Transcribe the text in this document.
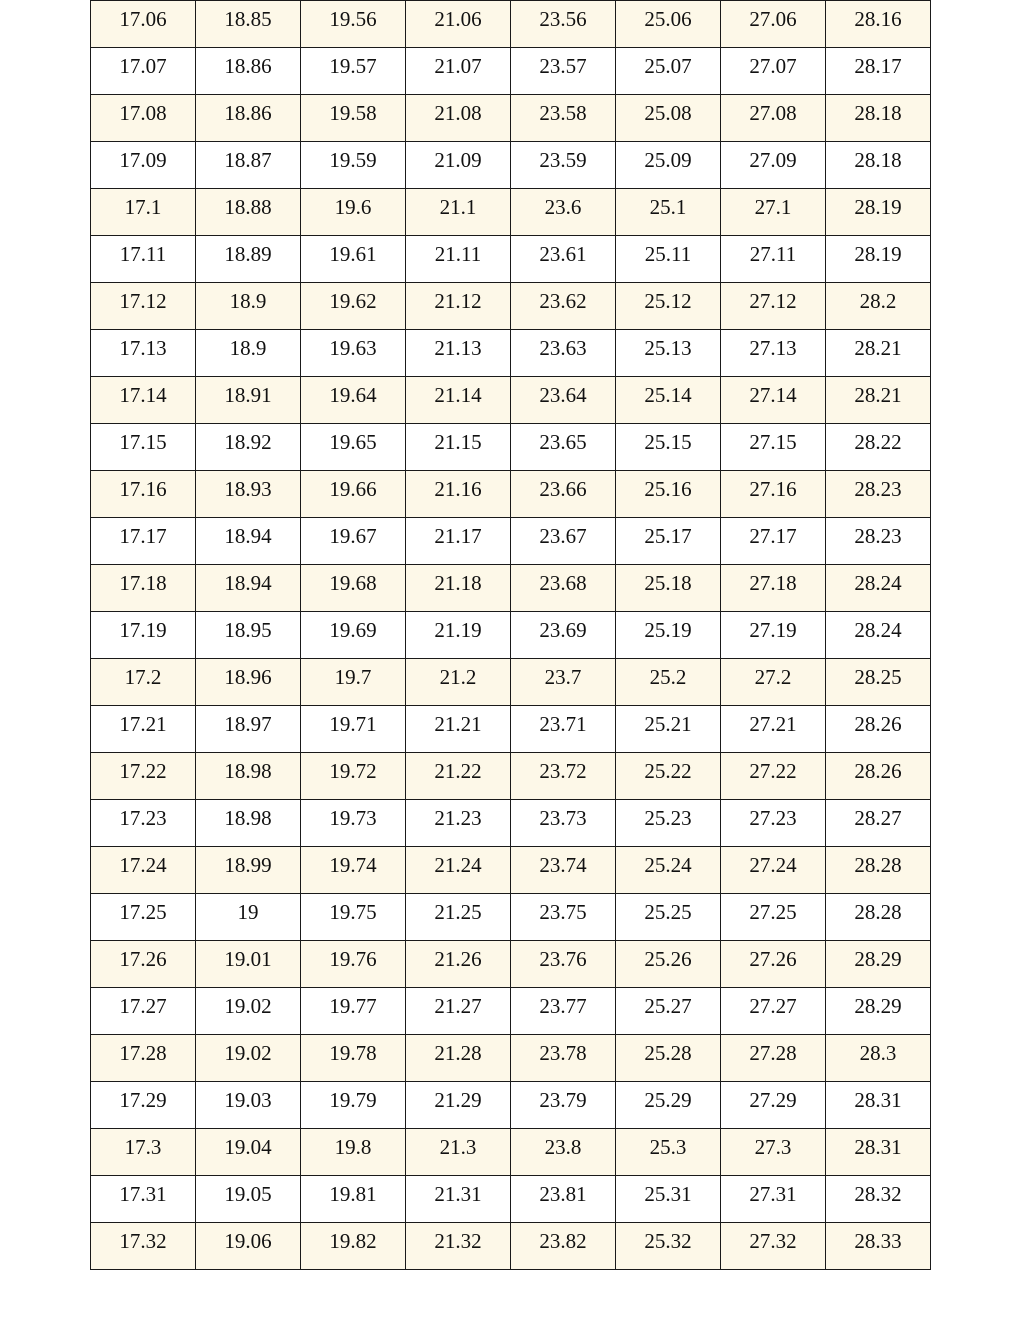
17.06	18.85	19.56	21.06	23.56	25.06	27.06	28.16
17.07	18.86	19.57	21.07	23.57	25.07	27.07	28.17
17.08	18.86	19.58	21.08	23.58	25.08	27.08	28.18
17.09	18.87	19.59	21.09	23.59	25.09	27.09	28.18
17.1	18.88	19.6	21.1	23.6	25.1	27.1	28.19
17.11	18.89	19.61	21.11	23.61	25.11	27.11	28.19
17.12	18.9	19.62	21.12	23.62	25.12	27.12	28.2
17.13	18.9	19.63	21.13	23.63	25.13	27.13	28.21
17.14	18.91	19.64	21.14	23.64	25.14	27.14	28.21
17.15	18.92	19.65	21.15	23.65	25.15	27.15	28.22
17.16	18.93	19.66	21.16	23.66	25.16	27.16	28.23
17.17	18.94	19.67	21.17	23.67	25.17	27.17	28.23
17.18	18.94	19.68	21.18	23.68	25.18	27.18	28.24
17.19	18.95	19.69	21.19	23.69	25.19	27.19	28.24
17.2	18.96	19.7	21.2	23.7	25.2	27.2	28.25
17.21	18.97	19.71	21.21	23.71	25.21	27.21	28.26
17.22	18.98	19.72	21.22	23.72	25.22	27.22	28.26
17.23	18.98	19.73	21.23	23.73	25.23	27.23	28.27
17.24	18.99	19.74	21.24	23.74	25.24	27.24	28.28
17.25	19	19.75	21.25	23.75	25.25	27.25	28.28
17.26	19.01	19.76	21.26	23.76	25.26	27.26	28.29
17.27	19.02	19.77	21.27	23.77	25.27	27.27	28.29
17.28	19.02	19.78	21.28	23.78	25.28	27.28	28.3
17.29	19.03	19.79	21.29	23.79	25.29	27.29	28.31
17.3	19.04	19.8	21.3	23.8	25.3	27.3	28.31
17.31	19.05	19.81	21.31	23.81	25.31	27.31	28.32
17.32	19.06	19.82	21.32	23.82	25.32	27.32	28.33
